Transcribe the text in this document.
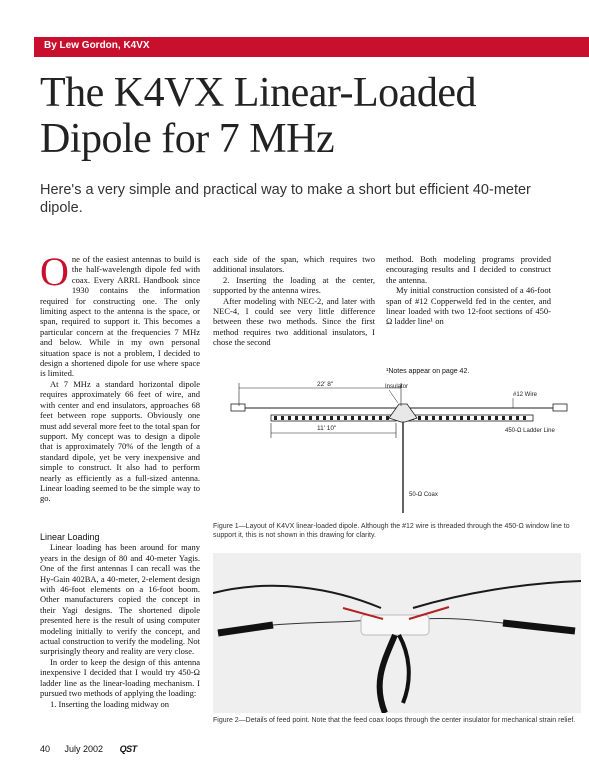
By Lew Gordon, K4VX
The K4VX Linear-Loaded
Dipole for 7 MHz
Here's a very simple and practical way to make a short but efficient 40-meter dipole.

One of the easiest antennas to build is the half-wavelength dipole fed with coax. Every ARRL Handbook since 1930 contains the information required for constructing one. The only limiting aspect to the antenna is the space, or span, required to support it. This becomes a particular concern at the frequencies 7 MHz and below. While in my own personal situation space is not a problem, I decided to design a shortened dipole for use where space is limited.

At 7 MHz a standard horizontal dipole requires approximately 66 feet of wire, and with center and end insulators, approaches 68 feet between rope supports. Obviously one must add several more feet to the total span for support. My concept was to design a dipole that is approximately 70% of the length of a standard dipole, yet be very inexpensive and simple to construct. It also had to perform nearly as efficiently as a full-sized antenna. Linear loading seemed to be the simple way to go.

Linear Loading

Linear loading has been around for many years in the design of 80 and 40-meter Yagis. One of the first antennas I can recall was the Hy-Gain 402BA, a 40-meter, 2-element design with 46-foot elements on a 16-foot boom. Other manufacturers copied the concept in their Yagi designs. The shortened dipole presented here is the result of using computer modeling initially to verify the concept, and actual construction to verify the modeling. Not surprisingly theory and reality are very close.

In order to keep the design of this antenna inexpensive I decided that I would try 450-Ω ladder line as the linear-loading mechanism. I pursued two methods of applying the loading:

1. Inserting the loading midway on

each side of the span, which requires two additional insulators.

2. Inserting the loading at the center, supported by the antenna wires.

After modeling with NEC-2, and later with NEC-4, I could see very little difference between these two methods. Since the first method requires two additional insulators, I chose the second

method. Both modeling programs provided encouraging results and I decided to construct the antenna.

My initial construction consisted of a 46-foot span of #12 Copperweld fed in the center, and linear loaded with two 12-foot sections of 450-Ω ladder line¹ on

¹Notes appear on page 42.
22' 8"
11' 10"
Insulator
#12 Wire
450-Ω Ladder Line
50-Ω Coax
Figure 1—Layout of K4VX linear-loaded dipole. Although the #12 wire is threaded through the 450-Ω window line to support it, this is not shown in this drawing for clarity.
Figure 2—Details of feed point. Note that the feed coax loops through the center insulator for mechanical strain relief.
40 July 2002 QST
